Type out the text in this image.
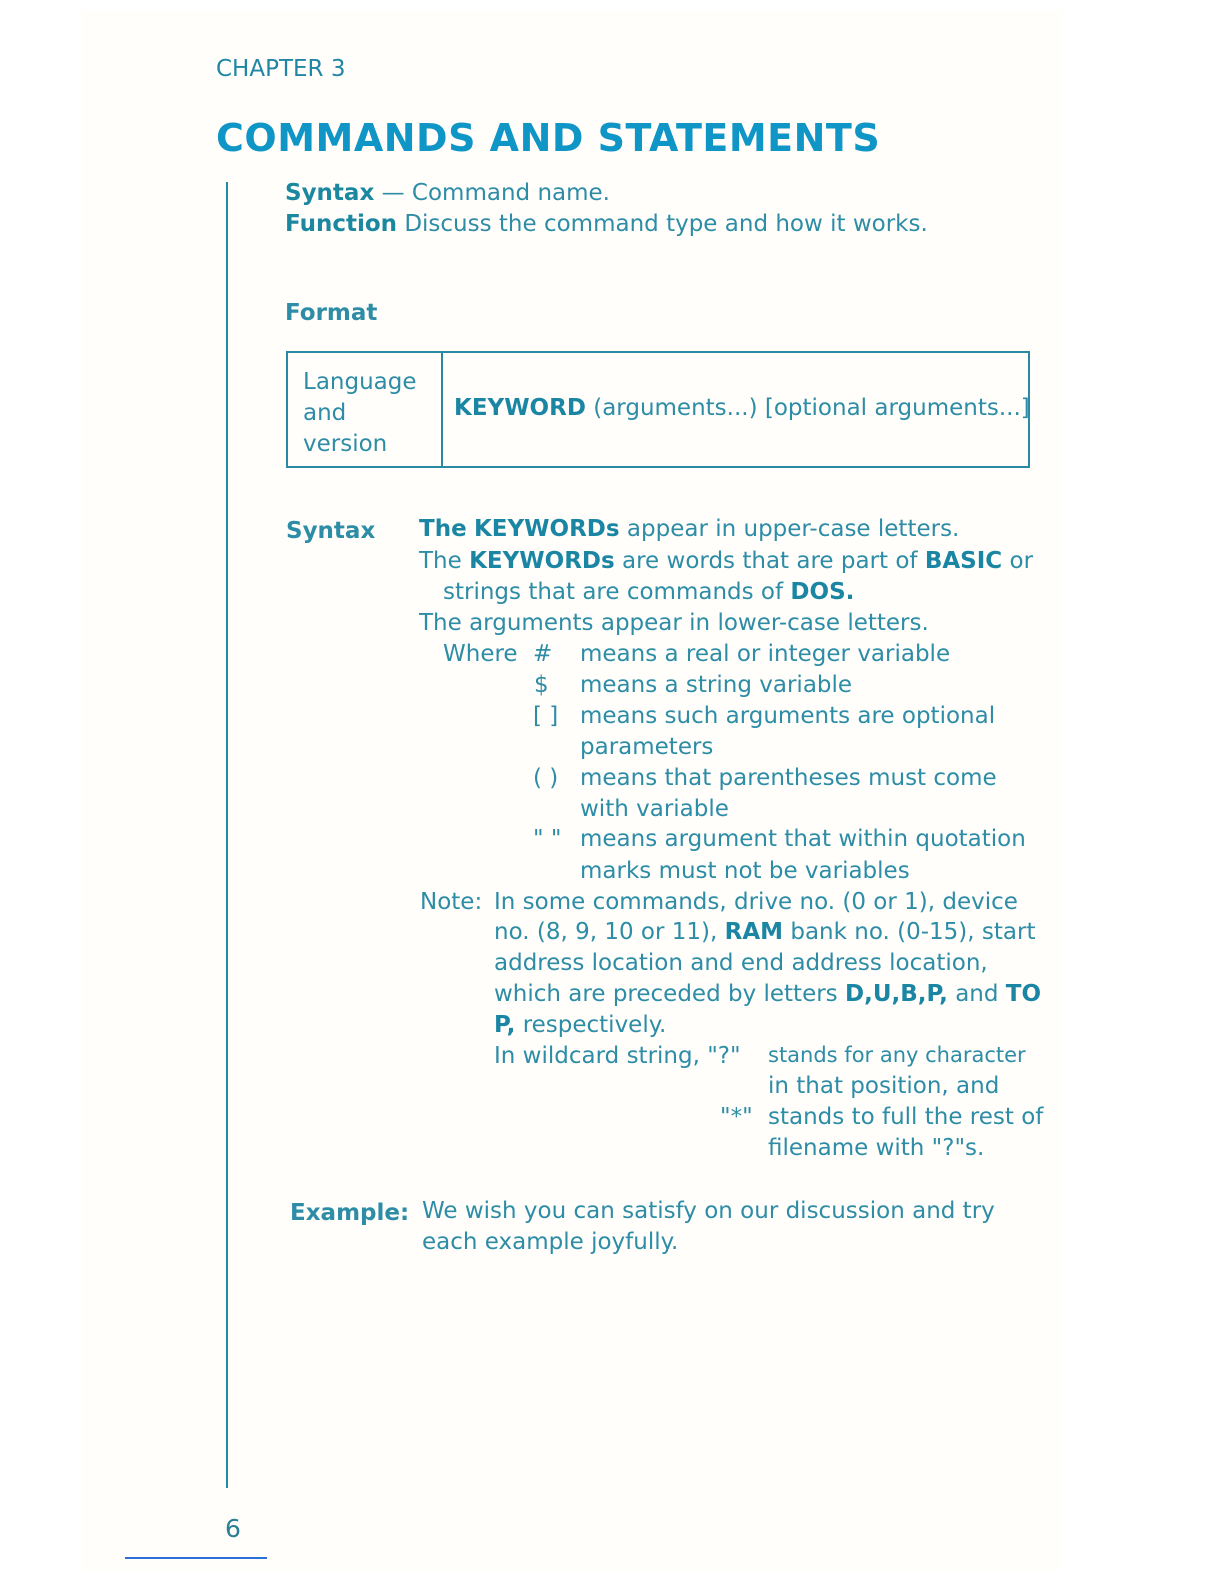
CHAPTER 3
COMMANDS AND STATEMENTS
Syntax — Command name.
Function Discuss the command type and how it works.
Format
Language
and
version
KEYWORD (arguments...) [optional arguments...]
Syntax The KEYWORDs appear in upper-case letters.
The KEYWORDs are words that are part of BASIC or
strings that are commands of DOS.
The arguments appear in lower-case letters.
Where # means a real or integer variable
$ means a string variable
[ ] means such arguments are optional
parameters
( ) means that parentheses must come
with variable
" " means argument that within quotation
marks must not be variables
Note: In some commands, drive no. (0 or 1), device
no. (8, 9, 10 or 11), RAM bank no. (0-15), start
address location and end address location,
which are preceded by letters D,U,B,P, and TO
P, respectively.
In wildcard string, "?" stands for any character
in that position, and
"*" stands to full the rest of
filename with "?"s.
Example: We wish you can satisfy on our discussion and try
each example joyfully.
6
